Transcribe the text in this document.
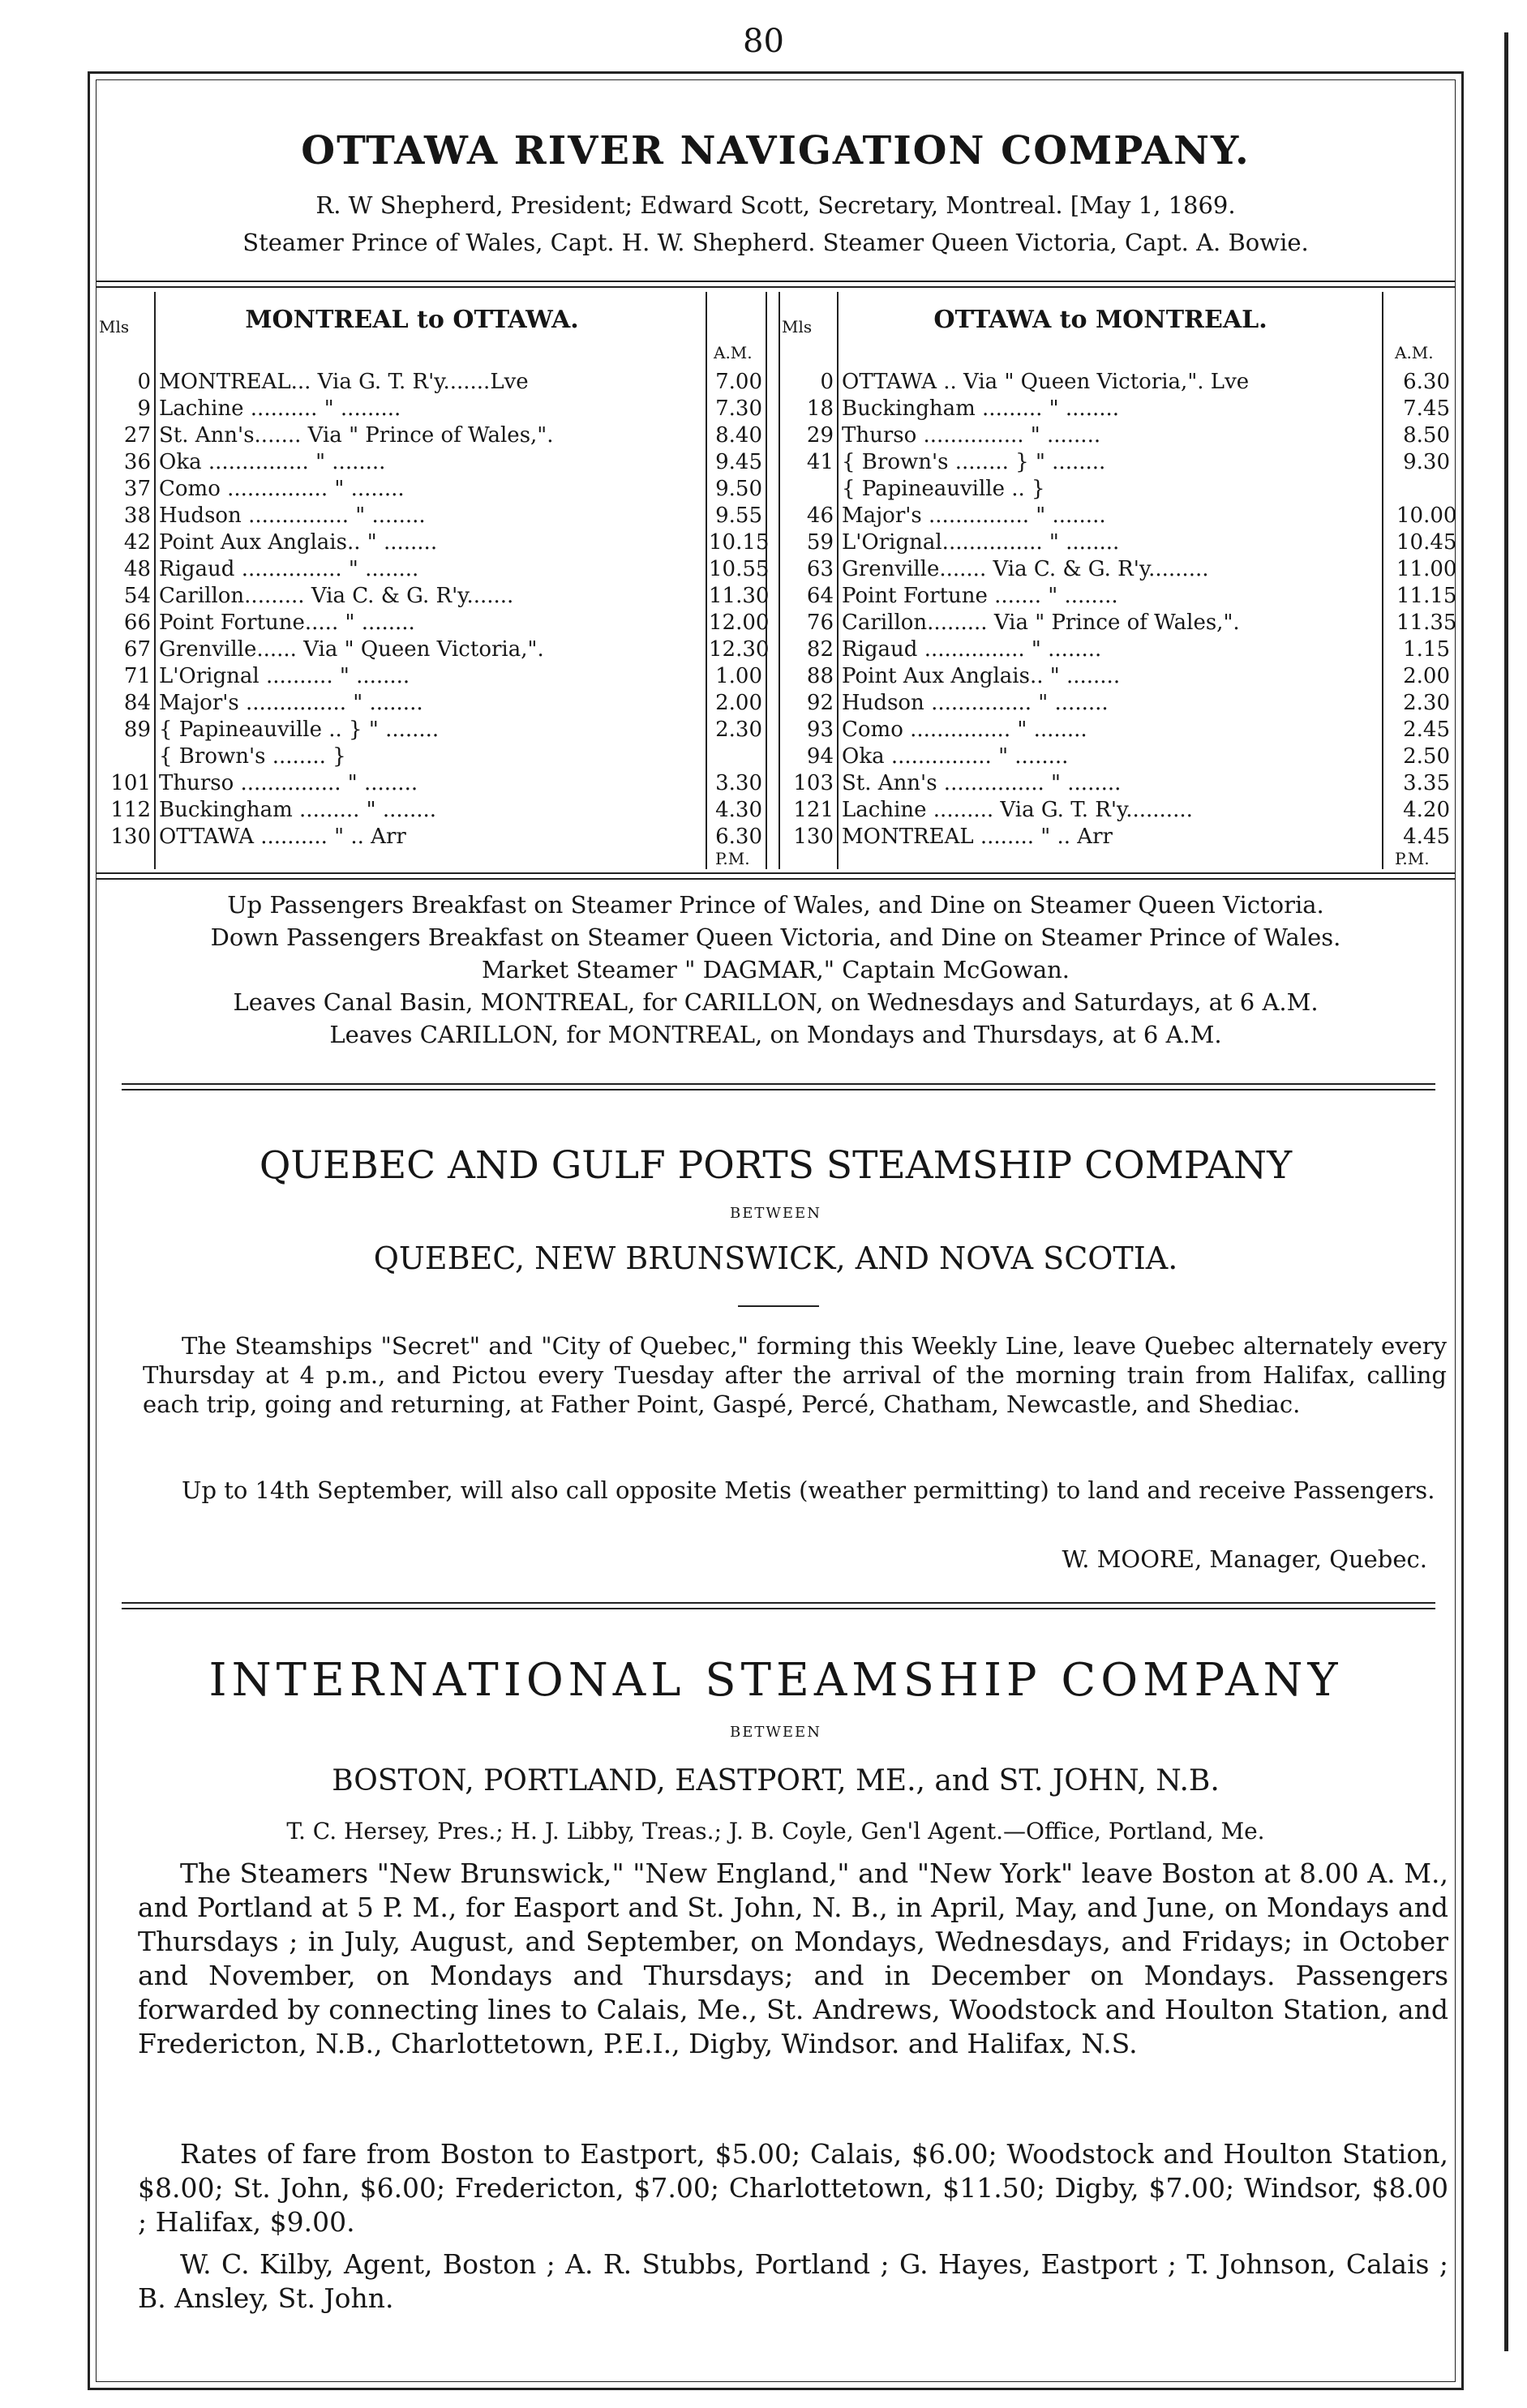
80
OTTAWA RIVER NAVIGATION COMPANY.
R. W Shepherd, President; Edward Scott, Secretary, Montreal. [May 1, 1869.
Steamer Prince of Wales, Capt. H. W. Shepherd. Steamer Queen Victoria, Capt. A. Bowie.
Mls	MONTREAL to OTTAWA.
A.M.
0 MONTREAL... Via G. T. R'y.......Lve	7.00
9 Lachine .......... " .........	7.30
27 St. Ann's....... Via " Prince of Wales,".	8.40
36 Oka ............... " ........	9.45
37 Como ............... " ........	9.50
38 Hudson ............... " ........	9.55
42 Point Aux Anglais.. " ........	10.15
48 Rigaud ............... " ........	10.55
54 Carillon......... Via C. & G. R'y.......	11.30
66 Point Fortune..... " ........	12.00
67 Grenville...... Via " Queen Victoria,".	12.30
71 L'Orignal .......... " ........	1.00
84 Major's ............... " ........	2.00
89 { Papineauville .. } " ........	2.30
{ Brown's ........ }
101 Thurso ............... " ........	3.30
112 Buckingham ......... " ........	4.30
130 OTTAWA .......... " .. Arr	6.30
P.M.
Mls	OTTAWA to MONTREAL.
A.M.
0 OTTAWA .. Via " Queen Victoria,". Lve	6.30
18 Buckingham ......... " ........	7.45
29 Thurso ............... " ........	8.50
41 { Brown's ........ } " ........	9.30
{ Papineauville .. }
46 Major's ............... " ........	10.00
59 L'Orignal............... " ........	10.45
63 Grenville....... Via C. & G. R'y.........	11.00
64 Point Fortune ....... " ........	11.15
76 Carillon......... Via " Prince of Wales,".	11.35
82 Rigaud ............... " ........	1.15
88 Point Aux Anglais.. " ........	2.00
92 Hudson ............... " ........	2.30
93 Como ............... " ........	2.45
94 Oka ............... " ........	2.50
103 St. Ann's ............... " ........	3.35
121 Lachine ......... Via G. T. R'y..........	4.20
130 MONTREAL ........ " .. Arr	4.45
P.M.
Up Passengers Breakfast on Steamer Prince of Wales, and Dine on Steamer Queen Victoria.
Down Passengers Breakfast on Steamer Queen Victoria, and Dine on Steamer Prince of Wales.
Market Steamer " DAGMAR," Captain McGowan.
Leaves Canal Basin, MONTREAL, for CARILLON, on Wednesdays and Saturdays, at 6 A.M.
Leaves CARILLON, for MONTREAL, on Mondays and Thursdays, at 6 A.M.
QUEBEC AND GULF PORTS STEAMSHIP COMPANY
BETWEEN
QUEBEC, NEW BRUNSWICK, AND NOVA SCOTIA.
The Steamships "Secret" and "City of Quebec," forming this Weekly Line, leave Quebec alternately every Thursday at 4 p.m., and Pictou every Tuesday after the arrival of the morning train from Halifax, calling each trip, going and returning, at Father Point, Gaspé, Percé, Chatham, Newcastle, and Shediac.
Up to 14th September, will also call opposite Metis (weather permitting) to land and receive Passengers.
W. MOORE, Manager, Quebec.
INTERNATIONAL STEAMSHIP COMPANY
BETWEEN
BOSTON, PORTLAND, EASTPORT, ME., and ST. JOHN, N.B.
T. C. Hersey, Pres.; H. J. Libby, Treas.; J. B. Coyle, Gen'l Agent.—Office, Portland, Me.
The Steamers "New Brunswick," "New England," and "New York" leave Boston at 8.00 A. M., and Portland at 5 P. M., for Easport and St. John, N. B., in April, May, and June, on Mondays and Thursdays ; in July, August, and September, on Mondays, Wednesdays, and Fridays; in October and November, on Mondays and Thursdays; and in December on Mondays. Passengers forwarded by connecting lines to Calais, Me., St. Andrews, Woodstock and Houlton Station, and Fredericton, N.B., Charlottetown, P.E.I., Digby, Windsor. and Halifax, N.S.
Rates of fare from Boston to Eastport, $5.00; Calais, $6.00; Woodstock and Houlton Station, $8.00; St. John, $6.00; Fredericton, $7.00; Charlottetown, $11.50; Digby, $7.00; Windsor, $8.00 ; Halifax, $9.00.
W. C. Kilby, Agent, Boston ; A. R. Stubbs, Portland ; G. Hayes, Eastport ; T. Johnson, Calais ; B. Ansley, St. John.
